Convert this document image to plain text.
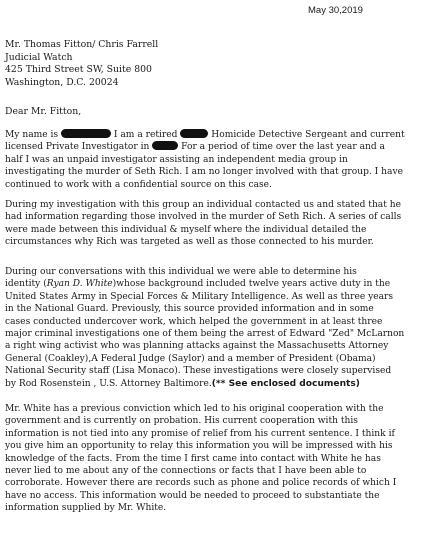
May 30,2019
Mr. Thomas Fitton/ Chris Farrell
Judicial Watch
425 Third Street SW, Suite 800
Washington, D.C. 20024
Dear Mr. Fitton,
My name is	I am a retired	Homicide Detective Sergeant and current
licensed Private Investigator in	For a period of time over the last year and a
half I was an unpaid investigator assisting an independent media group in
investigating the murder of Seth Rich. I am no longer involved with that group. I have
continued to work with a confidential source on this case.
During my investigation with this group an individual contacted us and stated that he
had information regarding those involved in the murder of Seth Rich. A series of calls
were made between this individual & myself where the individual detailed the
circumstances why Rich was targeted as well as those connected to his murder.
During our conversations with this individual we were able to determine his
identity (Ryan D. White)whose background included twelve years active duty in the
United States Army in Special Forces & Military Intelligence. As well as three years
in the National Guard. Previously, this source provided information and in some
cases conducted undercover work, which helped the government in at least three
major criminal investigations one of them being the arrest of Edward "Zed" McLarnon
a right wing activist who was planning attacks against the Massachusetts Attorney
General (Coakley),A Federal Judge (Saylor) and a member of President (Obama)
National Security staff (Lisa Monaco). These investigations were closely supervised
by Rod Rosenstein , U.S. Attorney Baltimore.(** See enclosed documents)
Mr. White has a previous conviction which led to his original cooperation with the
government and is currently on probation. His current cooperation with this
information is not tied into any promise of relief from his current sentence. I think if
you give him an opportunity to relay this information you will be impressed with his
knowledge of the facts. From the time I first came into contact with White he has
never lied to me about any of the connections or facts that I have been able to
corroborate. However there are records such as phone and police records of which I
have no access. This information would be needed to proceed to substantiate the
information supplied by Mr. White.
